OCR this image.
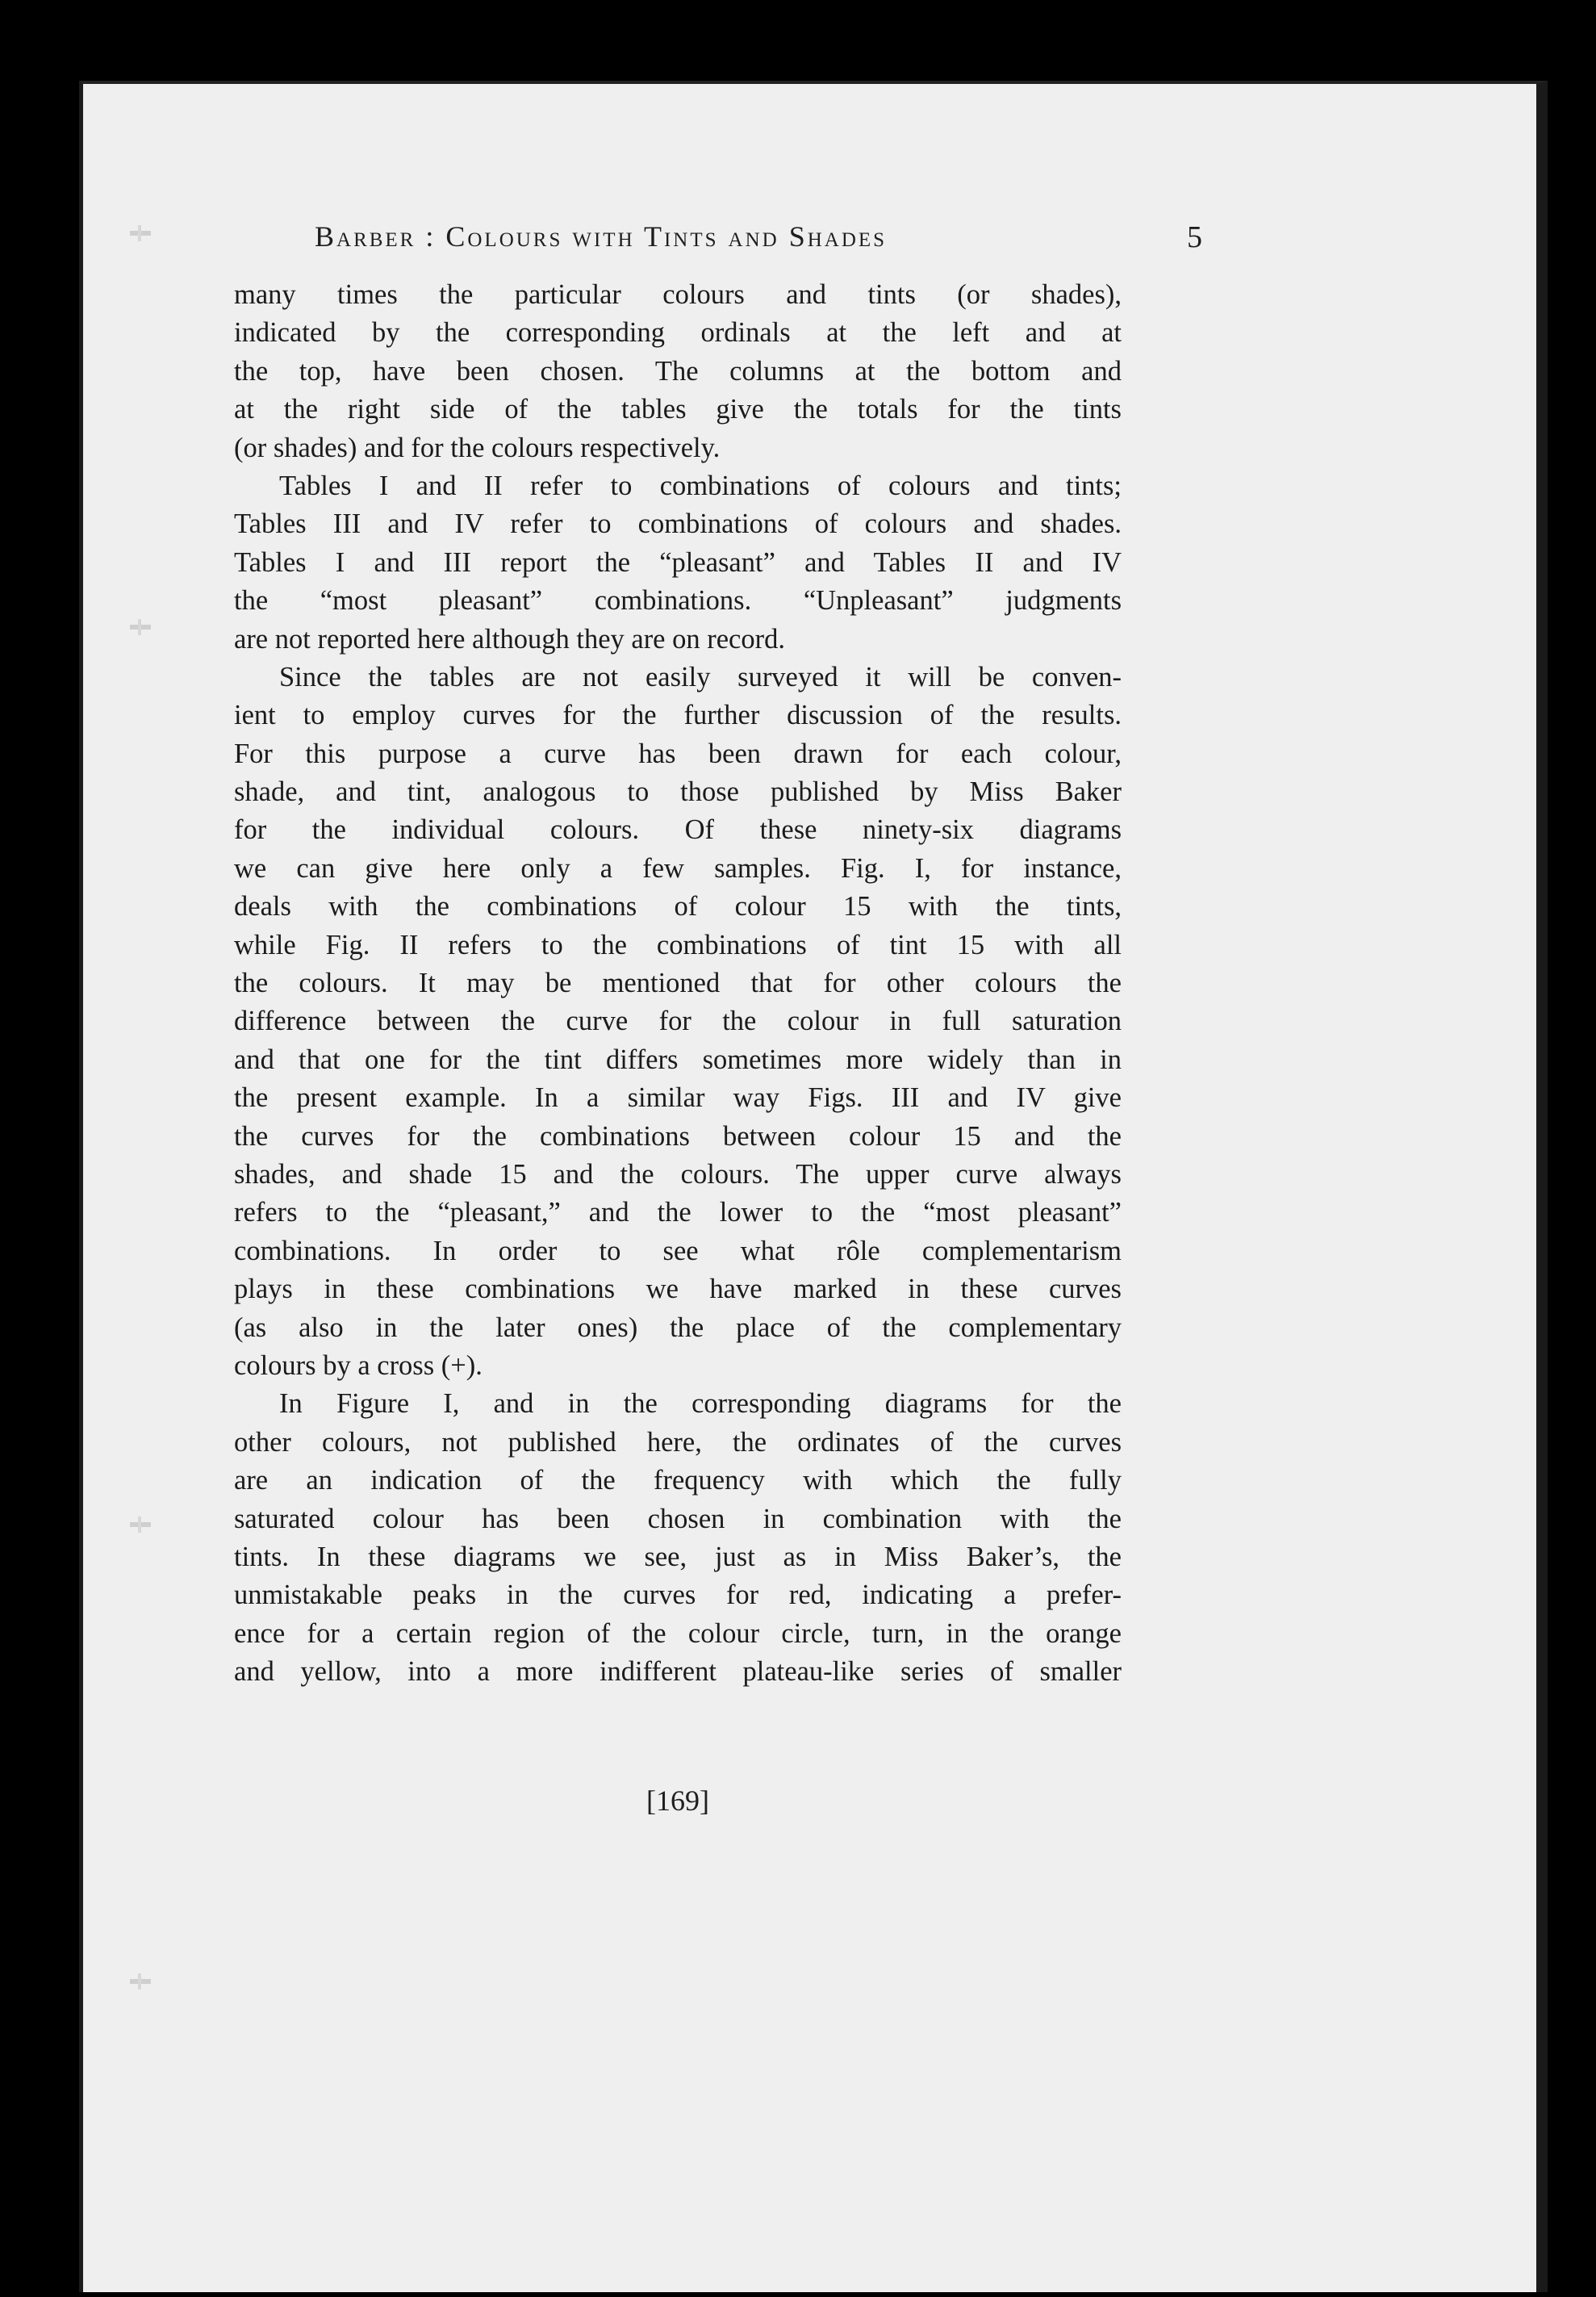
Barber : Colours with Tints and Shades	5
many times the particular colours and tints (or shades),
indicated by the corresponding ordinals at the left and at
the top, have been chosen. The columns at the bottom and
at the right side of the tables give the totals for the tints
(or shades) and for the colours respectively.
Tables I and II refer to combinations of colours and tints;
Tables III and IV refer to combinations of colours and shades.
Tables I and III report the “pleasant” and Tables II and IV
the “most pleasant” combinations. “Unpleasant” judgments
are not reported here although they are on record.
Since the tables are not easily surveyed it will be conven-
ient to employ curves for the further discussion of the results.
For this purpose a curve has been drawn for each colour,
shade, and tint, analogous to those published by Miss Baker
for the individual colours. Of these ninety-six diagrams
we can give here only a few samples. Fig. I, for instance,
deals with the combinations of colour 15 with the tints,
while Fig. II refers to the combinations of tint 15 with all
the colours. It may be mentioned that for other colours the
difference between the curve for the colour in full saturation
and that one for the tint differs sometimes more widely than in
the present example. In a similar way Figs. III and IV give
the curves for the combinations between colour 15 and the
shades, and shade 15 and the colours. The upper curve always
refers to the “pleasant,” and the lower to the “most pleasant”
combinations. In order to see what rôle complementarism
plays in these combinations we have marked in these curves
(as also in the later ones) the place of the complementary
colours by a cross (+).
In Figure I, and in the corresponding diagrams for the
other colours, not published here, the ordinates of the curves
are an indication of the frequency with which the fully
saturated colour has been chosen in combination with the
tints. In these diagrams we see, just as in Miss Baker’s, the
unmistakable peaks in the curves for red, indicating a prefer-
ence for a certain region of the colour circle, turn, in the orange
and yellow, into a more indifferent plateau-like series of smaller
[169]
